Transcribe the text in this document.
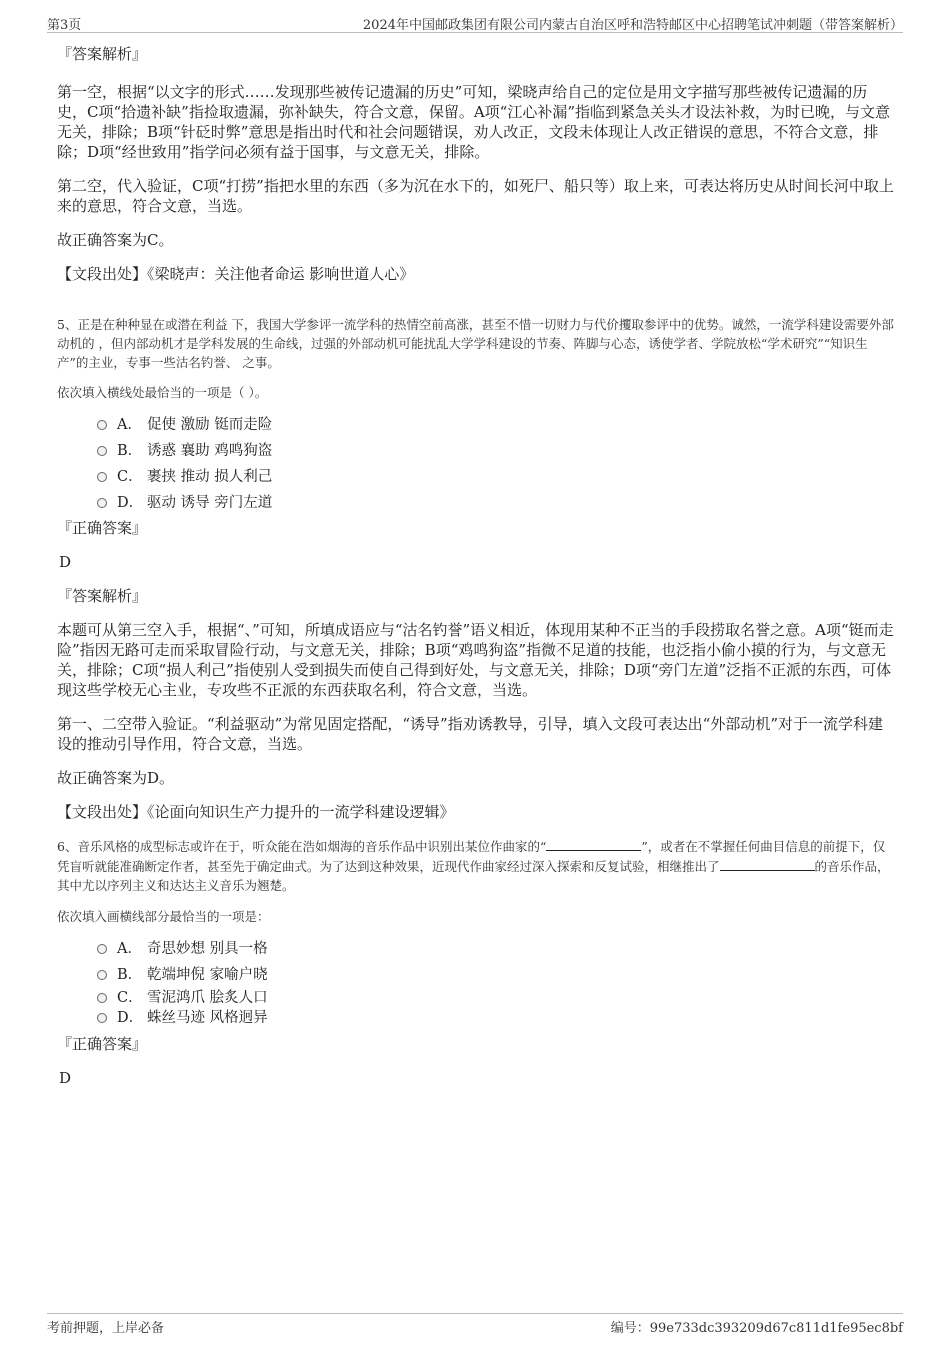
第3页	2024年中国邮政集团有限公司内蒙古自治区呼和浩特邮区中心招聘笔试冲刺题（带答案解析）

『答案解析』

第一空，根据“以文字的形式……发现那些被传记遗漏的历史”可知，梁晓声给自己的定位是用文字描写那些被传记遗漏的历史，C项“拾遗补缺”指捡取遗漏，弥补缺失，符合文意，保留。A项“江心补漏”指临到紧急关头才设法补救，为时已晚，与文意无关，排除；B项“针砭时弊”意思是指出时代和社会问题错误，劝人改正，文段未体现让人改正错误的意思，不符合文意，排除；D项“经世致用”指学问必须有益于国事，与文意无关，排除。

第二空，代入验证，C项“打捞”指把水里的东西（多为沉在水下的，如死尸、船只等）取上来，可表达将历史从时间长河中取上来的意思，符合文意，当选。

故正确答案为C。

【文段出处】《梁晓声：关注他者命运 影响世道人心》

5、正是在种种显在或潜在利益 下，我国大学参评一流学科的热情空前高涨，甚至不惜一切财力与代价攫取参评中的优势。诚然，一流学科建设需要外部动机的 ，但内部动机才是学科发展的生命线，过强的外部动机可能扰乱大学学科建设的节奏、阵脚与心态，诱使学者、学院放松“学术研究”“知识生产”的主业，专事一些沽名钓誉、 之事。

依次填入横线处最恰当的一项是（ ）。

A． 促使 激励 铤而走险
B． 诱惑 襄助 鸡鸣狗盗
C． 裹挟 推动 损人利己
D． 驱动 诱导 旁门左道

『正确答案』

D

『答案解析』

本题可从第三空入手，根据“、”可知，所填成语应与“沽名钓誉”语义相近，体现用某种不正当的手段捞取名誉之意。A项“铤而走险”指因无路可走而采取冒险行动，与文意无关，排除；B项“鸡鸣狗盗”指微不足道的技能，也泛指小偷小摸的行为，与文意无关，排除；C项“损人利己”指使别人受到损失而使自己得到好处，与文意无关，排除；D项“旁门左道”泛指不正派的东西，可体现这些学校无心主业，专攻些不正派的东西获取名利，符合文意，当选。

第一、二空带入验证。“利益驱动”为常见固定搭配，“诱导”指劝诱教导，引导，填入文段可表达出“外部动机”对于一流学科建设的推动引导作用，符合文意，当选。

故正确答案为D。

【文段出处】《论面向知识生产力提升的一流学科建设逻辑》

6、音乐风格的成型标志或许在于，听众能在浩如烟海的音乐作品中识别出某位作曲家的“	”，或者在不掌握任何曲目信息的前提下，仅凭盲听就能准确断定作者，甚至先于确定曲式。为了达到这种效果，近现代作曲家经过深入探索和反复试验，相继推出了	的音乐作品，其中尤以序列主义和达达主义音乐为翘楚。

依次填入画横线部分最恰当的一项是：

A． 奇思妙想 别具一格
B． 乾端坤倪 家喻户晓
C． 雪泥鸿爪 脍炙人口
D． 蛛丝马迹 风格迥异

『正确答案』

D

考前押题，上岸必备	编号：99e733dc393209d67c811d1fe95ec8bf
